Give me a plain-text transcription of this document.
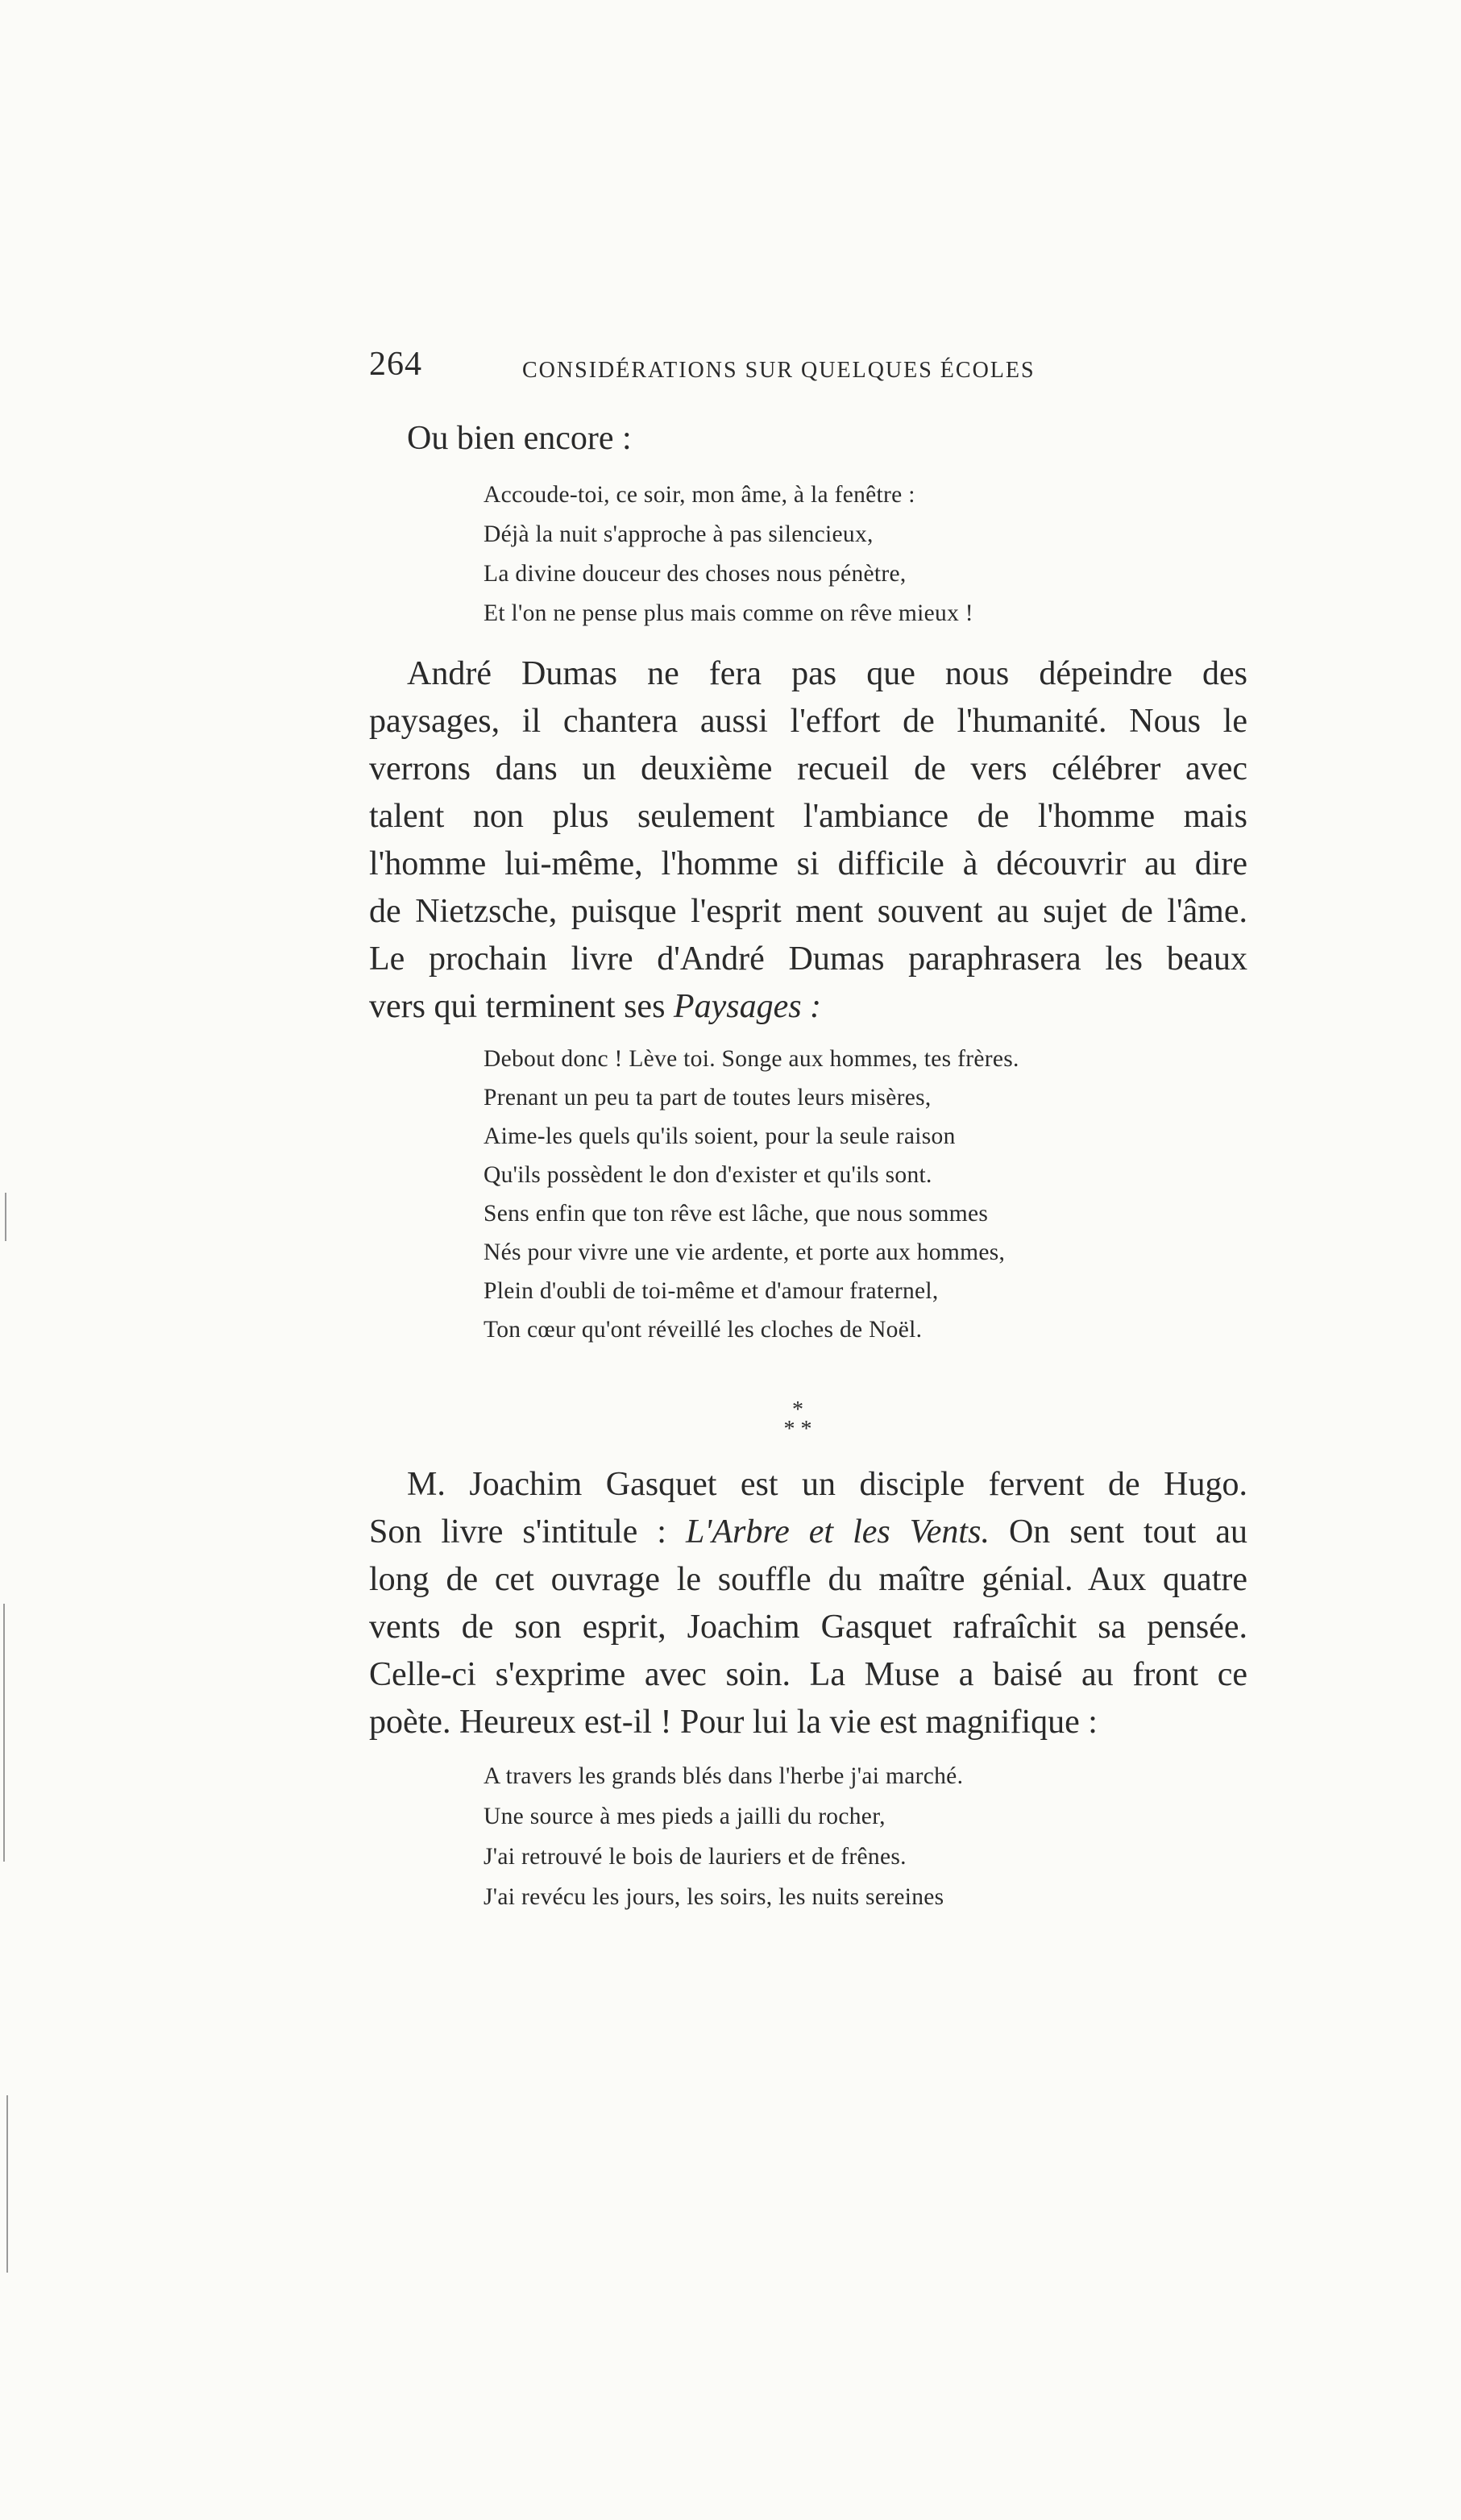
264	CONSIDÉRATIONS SUR QUELQUES ÉCOLES
Ou bien encore :
Accoude-toi, ce soir, mon âme, à la fenêtre :
Déjà la nuit s'approche à pas silencieux,
La divine douceur des choses nous pénètre,
Et l'on ne pense plus mais comme on rêve mieux !
André Dumas ne fera pas que nous dépeindre des
paysages, il chantera aussi l'effort de l'humanité. Nous le
verrons dans un deuxième recueil de vers célébrer avec
talent non plus seulement l'ambiance de l'homme mais
l'homme lui-même, l'homme si difficile à découvrir au dire
de Nietzsche, puisque l'esprit ment souvent au sujet de l'âme.
Le prochain livre d'André Dumas paraphrasera les beaux
vers qui terminent ses Paysages :
Debout donc ! Lève toi. Songe aux hommes, tes frères.
Prenant un peu ta part de toutes leurs misères,
Aime-les quels qu'ils soient, pour la seule raison
Qu'ils possèdent le don d'exister et qu'ils sont.
Sens enfin que ton rêve est lâche, que nous sommes
Nés pour vivre une vie ardente, et porte aux hommes,
Plein d'oubli de toi-même et d'amour fraternel,
Ton cœur qu'ont réveillé les cloches de Noël.
*
* *
M. Joachim Gasquet est un disciple fervent de Hugo.
Son livre s'intitule : L'Arbre et les Vents. On sent tout au
long de cet ouvrage le souffle du maître génial. Aux quatre
vents de son esprit, Joachim Gasquet rafraîchit sa pensée.
Celle-ci s'exprime avec soin. La Muse a baisé au front ce
poète. Heureux est-il ! Pour lui la vie est magnifique :
A travers les grands blés dans l'herbe j'ai marché.
Une source à mes pieds a jailli du rocher,
J'ai retrouvé le bois de lauriers et de frênes.
J'ai revécu les jours, les soirs, les nuits sereines
